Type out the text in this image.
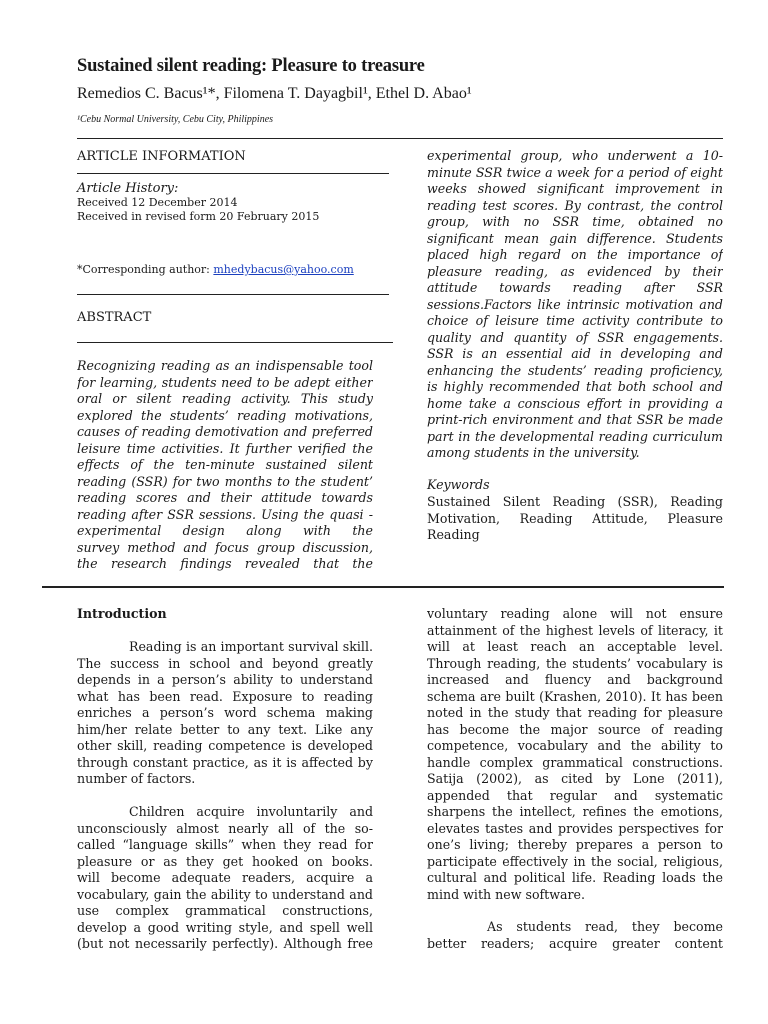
Sustained silent reading: Pleasure to treasure
Remedios C. Bacus¹*, Filomena T. Dayagbil¹, Ethel D. Abao¹
¹Cebu Normal University, Cebu City, Philippines
ARTICLE INFORMATION
Article History:
Received 12 December 2014
Received in revised form 20 February 2015
*Corresponding author: mhedybacus@yahoo.com
ABSTRACT
Recognizing reading as an indispensable tool
for learning, students need to be adept either
oral or silent reading activity. This study
explored the students’ reading motivations,
causes of reading demotivation and preferred
leisure time activities. It further verified the
effects of the ten-minute sustained silent
reading (SSR) for two months to the student’
reading scores and their attitude towards
reading after SSR sessions. Using the quasi -
experimental design along with the
survey method and focus group discussion,
the research findings revealed that the
experimental group, who underwent a 10-
minute SSR twice a week for a period of eight
weeks showed significant improvement in
reading test scores. By contrast, the control
group, with no SSR time, obtained no
significant mean gain difference. Students
placed high regard on the importance of
pleasure reading, as evidenced by their
attitude towards reading after SSR
sessions.Factors like intrinsic motivation and
choice of leisure time activity contribute to
quality and quantity of SSR engagements.
SSR is an essential aid in developing and
enhancing the students’ reading proficiency,
is highly recommended that both school and
home take a conscious effort in providing a
print-rich environment and that SSR be made
part in the developmental reading curriculum
among students in the university.
Keywords
Sustained Silent Reading (SSR), Reading
Motivation, Reading Attitude, Pleasure
Reading
Introduction
Reading is an important survival skill.
The success in school and beyond greatly
depends in a person’s ability to understand
what has been read. Exposure to reading
enriches a person’s word schema making
him/her relate better to any text. Like any
other skill, reading competence is developed
through constant practice, as it is affected by
number of factors.
Children acquire involuntarily and
unconsciously almost nearly all of the so-
called “language skills” when they read for
pleasure or as they get hooked on books.
will become adequate readers, acquire a
vocabulary, gain the ability to understand and
use complex grammatical constructions,
develop a good writing style, and spell well
(but not necessarily perfectly). Although free
voluntary reading alone will not ensure
attainment of the highest levels of literacy, it
will at least reach an acceptable level.
Through reading, the students’ vocabulary is
increased and fluency and background
schema are built (Krashen, 2010). It has been
noted in the study that reading for pleasure
has become the major source of reading
competence, vocabulary and the ability to
handle complex grammatical constructions.
Satija (2002), as cited by Lone (2011),
appended that regular and systematic
sharpens the intellect, refines the emotions,
elevates tastes and provides perspectives for
one’s living; thereby prepares a person to
participate effectively in the social, religious,
cultural and political life. Reading loads the
mind with new software.
As students read, they become
better readers; acquire greater content
